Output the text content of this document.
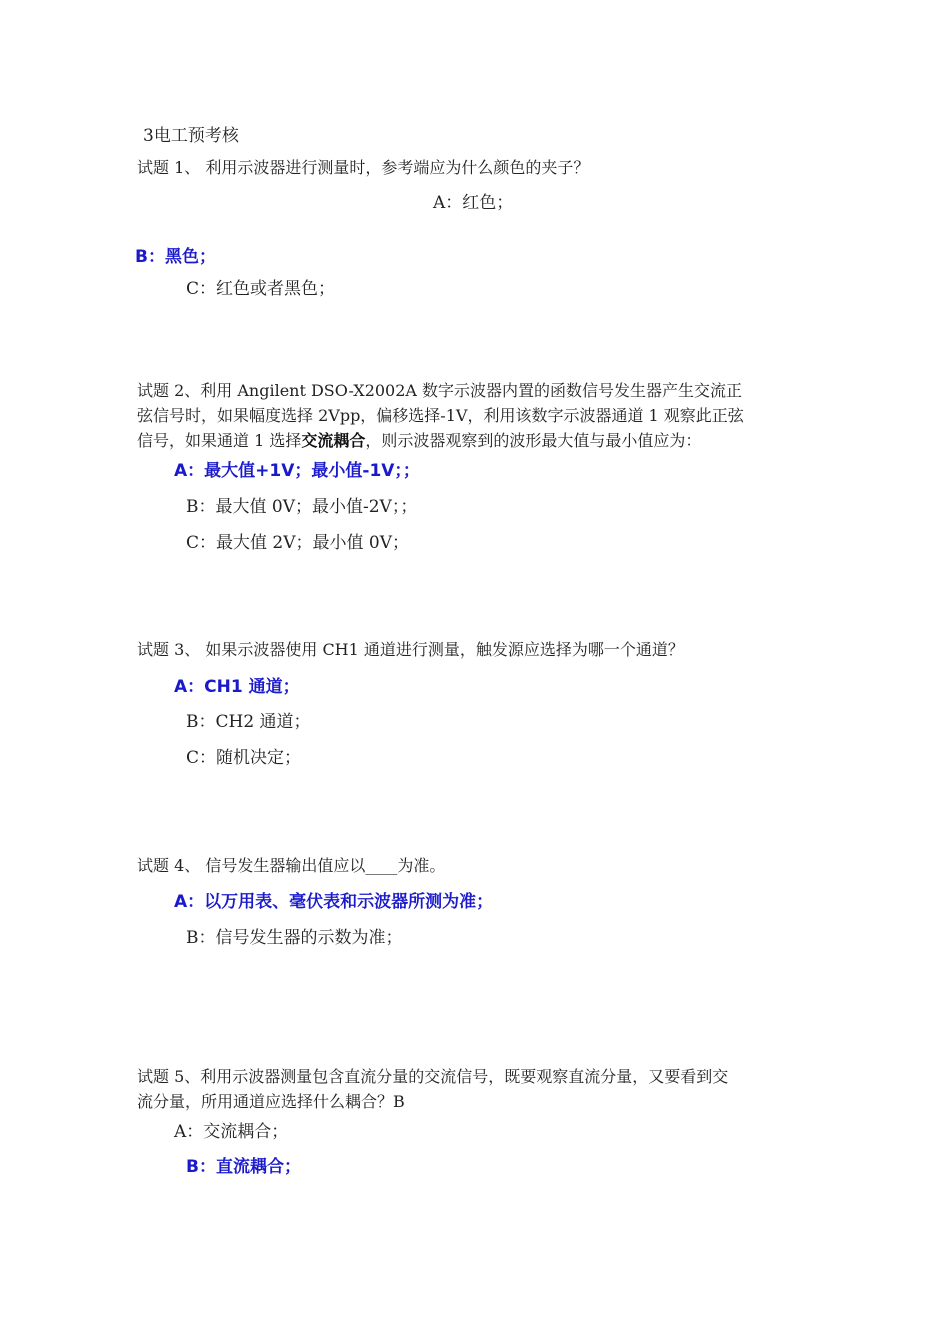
3电工预考核
试题 1、 利用示波器进行测量时，参考端应为什么颜色的夹子？
A：红色；
B：黑色；
C：红色或者黑色；
试题 2、利用 Angilent DSO-X2002A 数字示波器内置的函数信号发生器产生交流正
弦信号时，如果幅度选择 2Vpp，偏移选择-1V，利用该数字示波器通道 1 观察此正弦
信号，如果通道 1 选择交流耦合，则示波器观察到的波形最大值与最小值应为：
A：最大值+1V；最小值-1V；；
B：最大值 0V；最小值-2V；；
C：最大值 2V；最小值 0V；
试题 3、 如果示波器使用 CH1 通道进行测量，触发源应选择为哪一个通道？
A：CH1 通道；
B：CH2 通道；
C：随机决定；
试题 4、 信号发生器输出值应以____为准。
A：以万用表、毫伏表和示波器所测为准；
B：信号发生器的示数为准；
试题 5、利用示波器测量包含直流分量的交流信号，既要观察直流分量，又要看到交
流分量，所用通道应选择什么耦合？B
A：交流耦合；
B：直流耦合；
